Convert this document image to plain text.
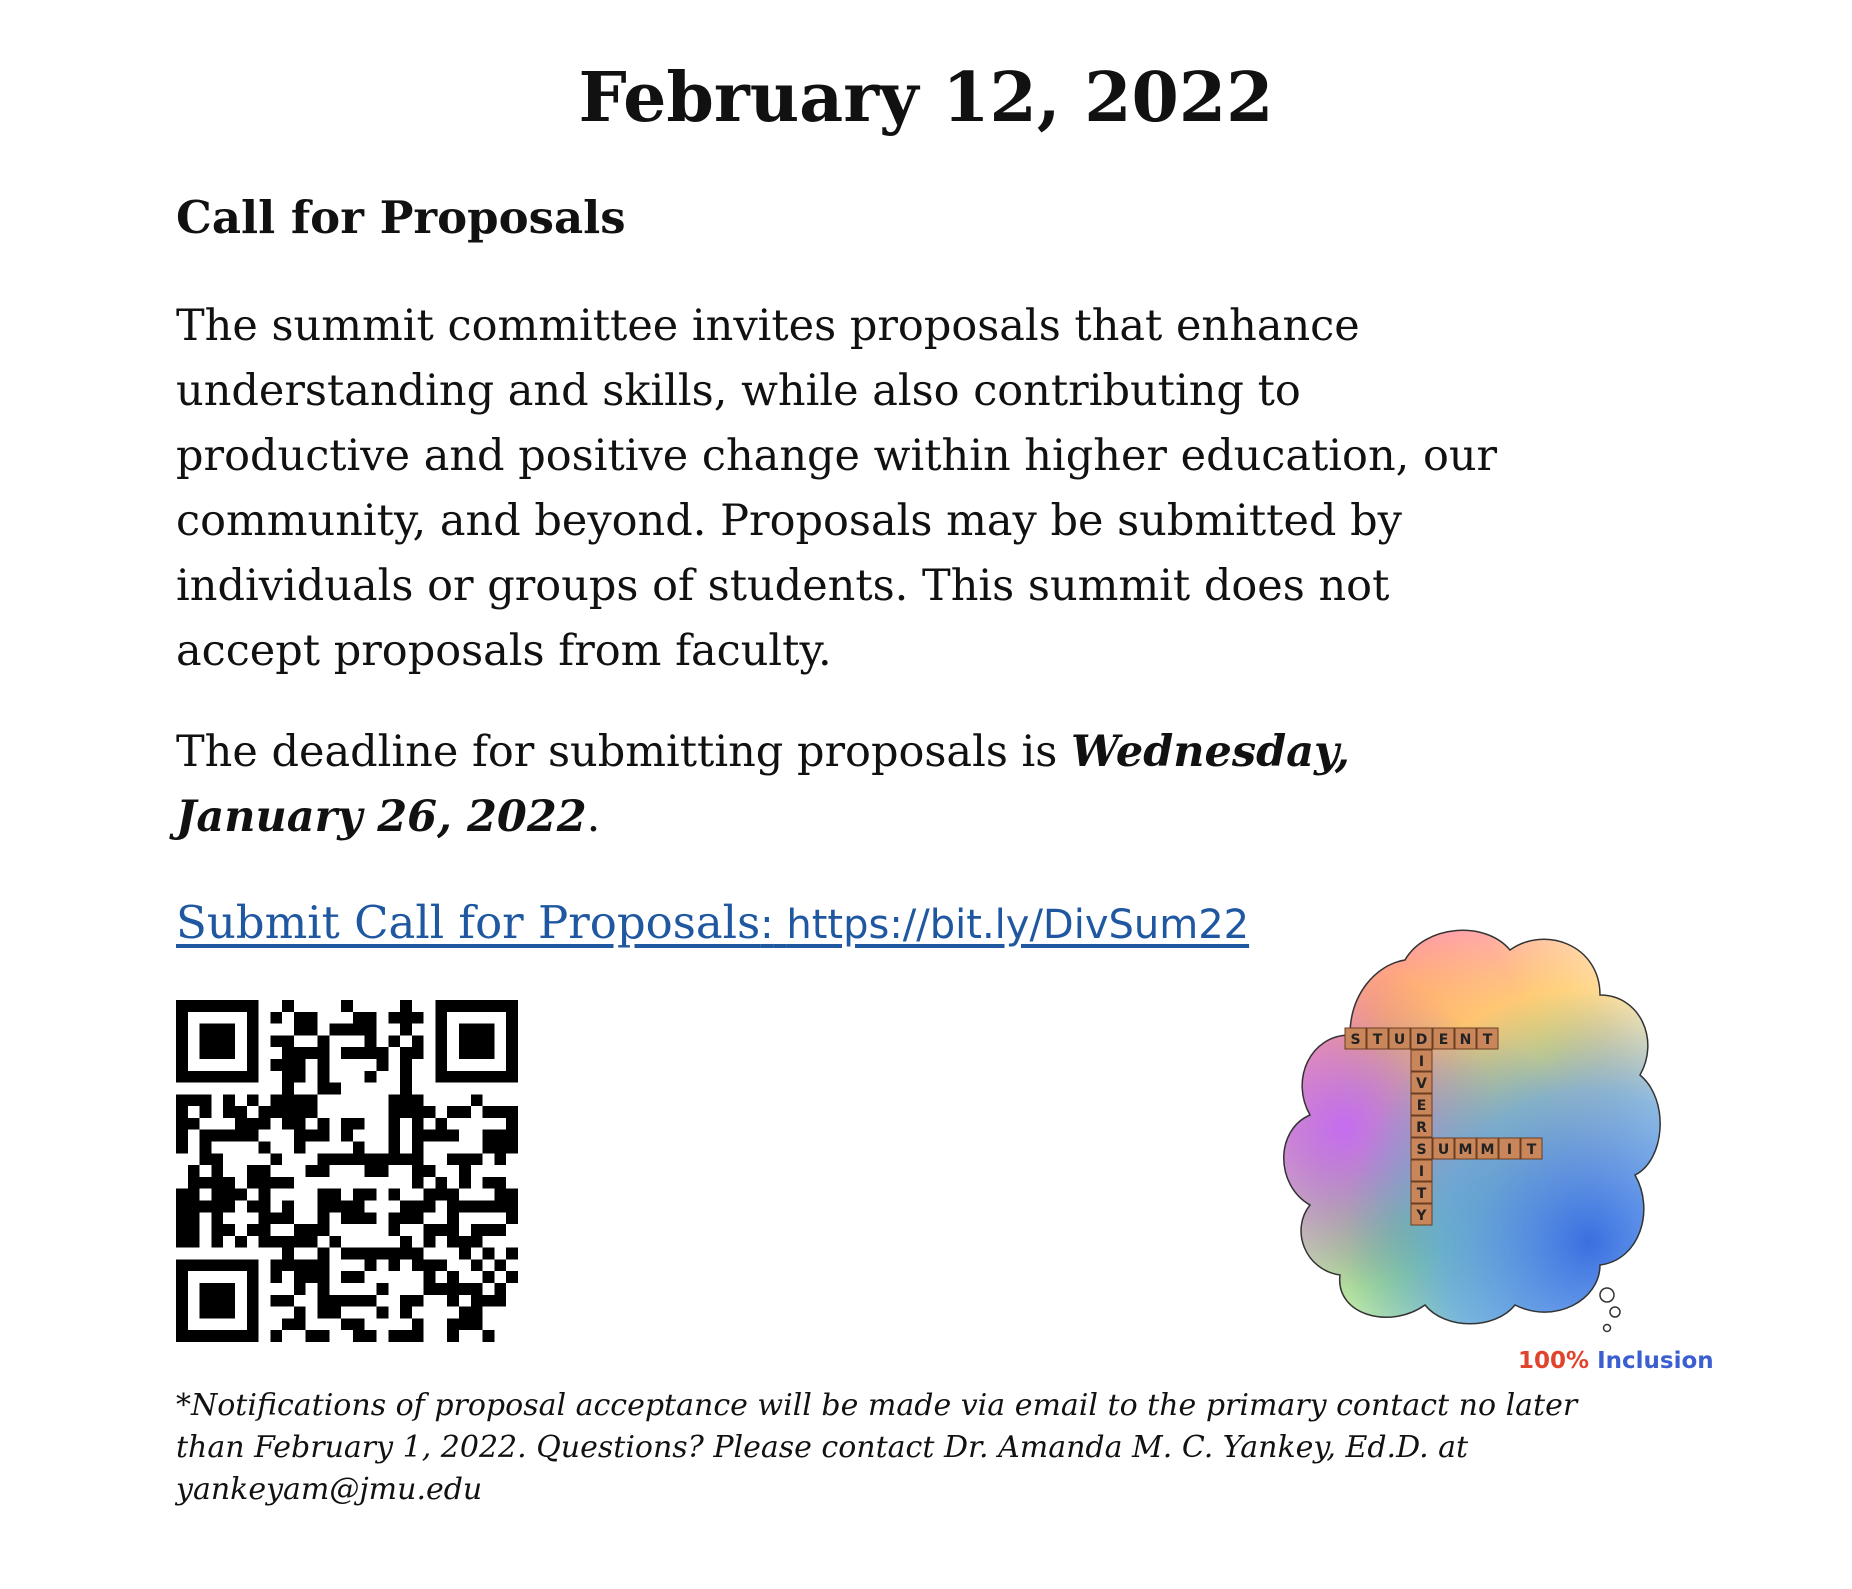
February 12, 2022
Call for Proposals
The summit committee invites proposals that enhance
understanding and skills, while also contributing to
productive and positive change within higher education, our
community, and beyond. Proposals may be submitted by
individuals or groups of students. This summit does not
accept proposals from faculty.
The deadline for submitting proposals is Wednesday,
January 26, 2022.
Submit Call for Proposals: https://bit.ly/DivSum22
S T U D E N T
I
V
E
R
S
I
T
Y
U M M I T
100% Inclusion
*Notifications of proposal acceptance will be made via email to the primary contact no later
than February 1, 2022. Questions? Please contact Dr. Amanda M. C. Yankey, Ed.D. at
yankeyam@jmu.edu
